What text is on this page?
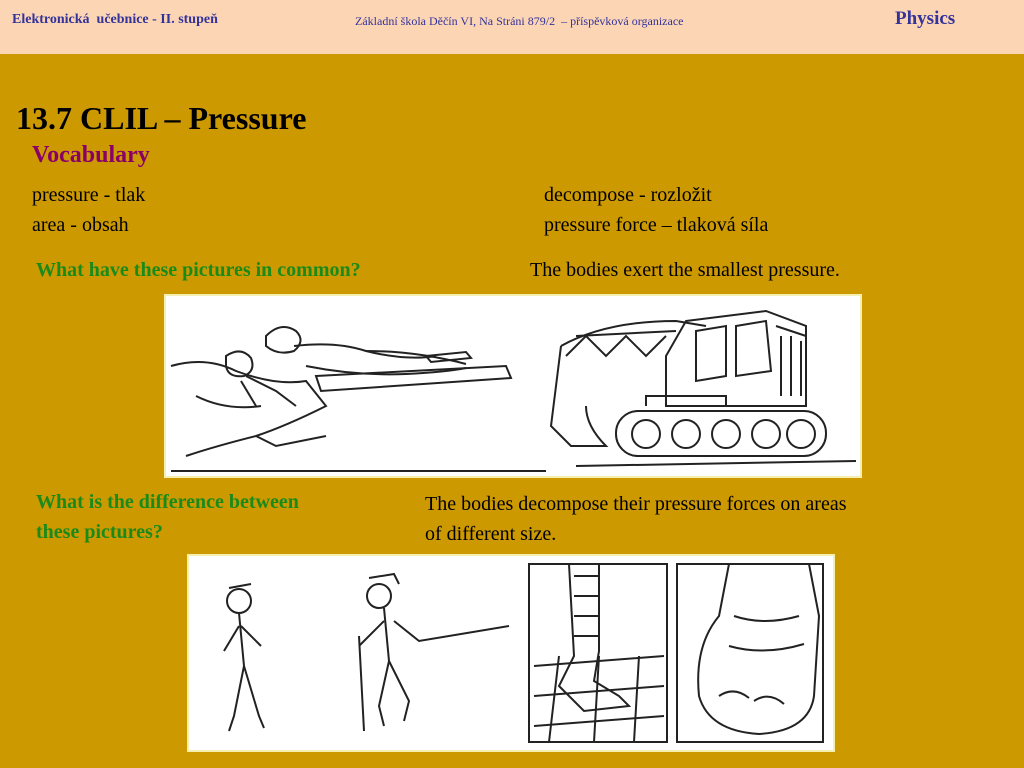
Elektronická  učebnice - II. stupeň	Základní škola Děčín VI, Na Stráni 879/2  – příspěvková organizace	Physics
13.7 CLIL – Pressure
Vocabulary
pressure - tlak
area - obsah
decompose - rozložit
pressure force – tlaková síla
What have these pictures in common?	The bodies exert the smallest pressure.
What is the difference between
these pictures?
The bodies decompose their pressure forces on areas
of different size.
